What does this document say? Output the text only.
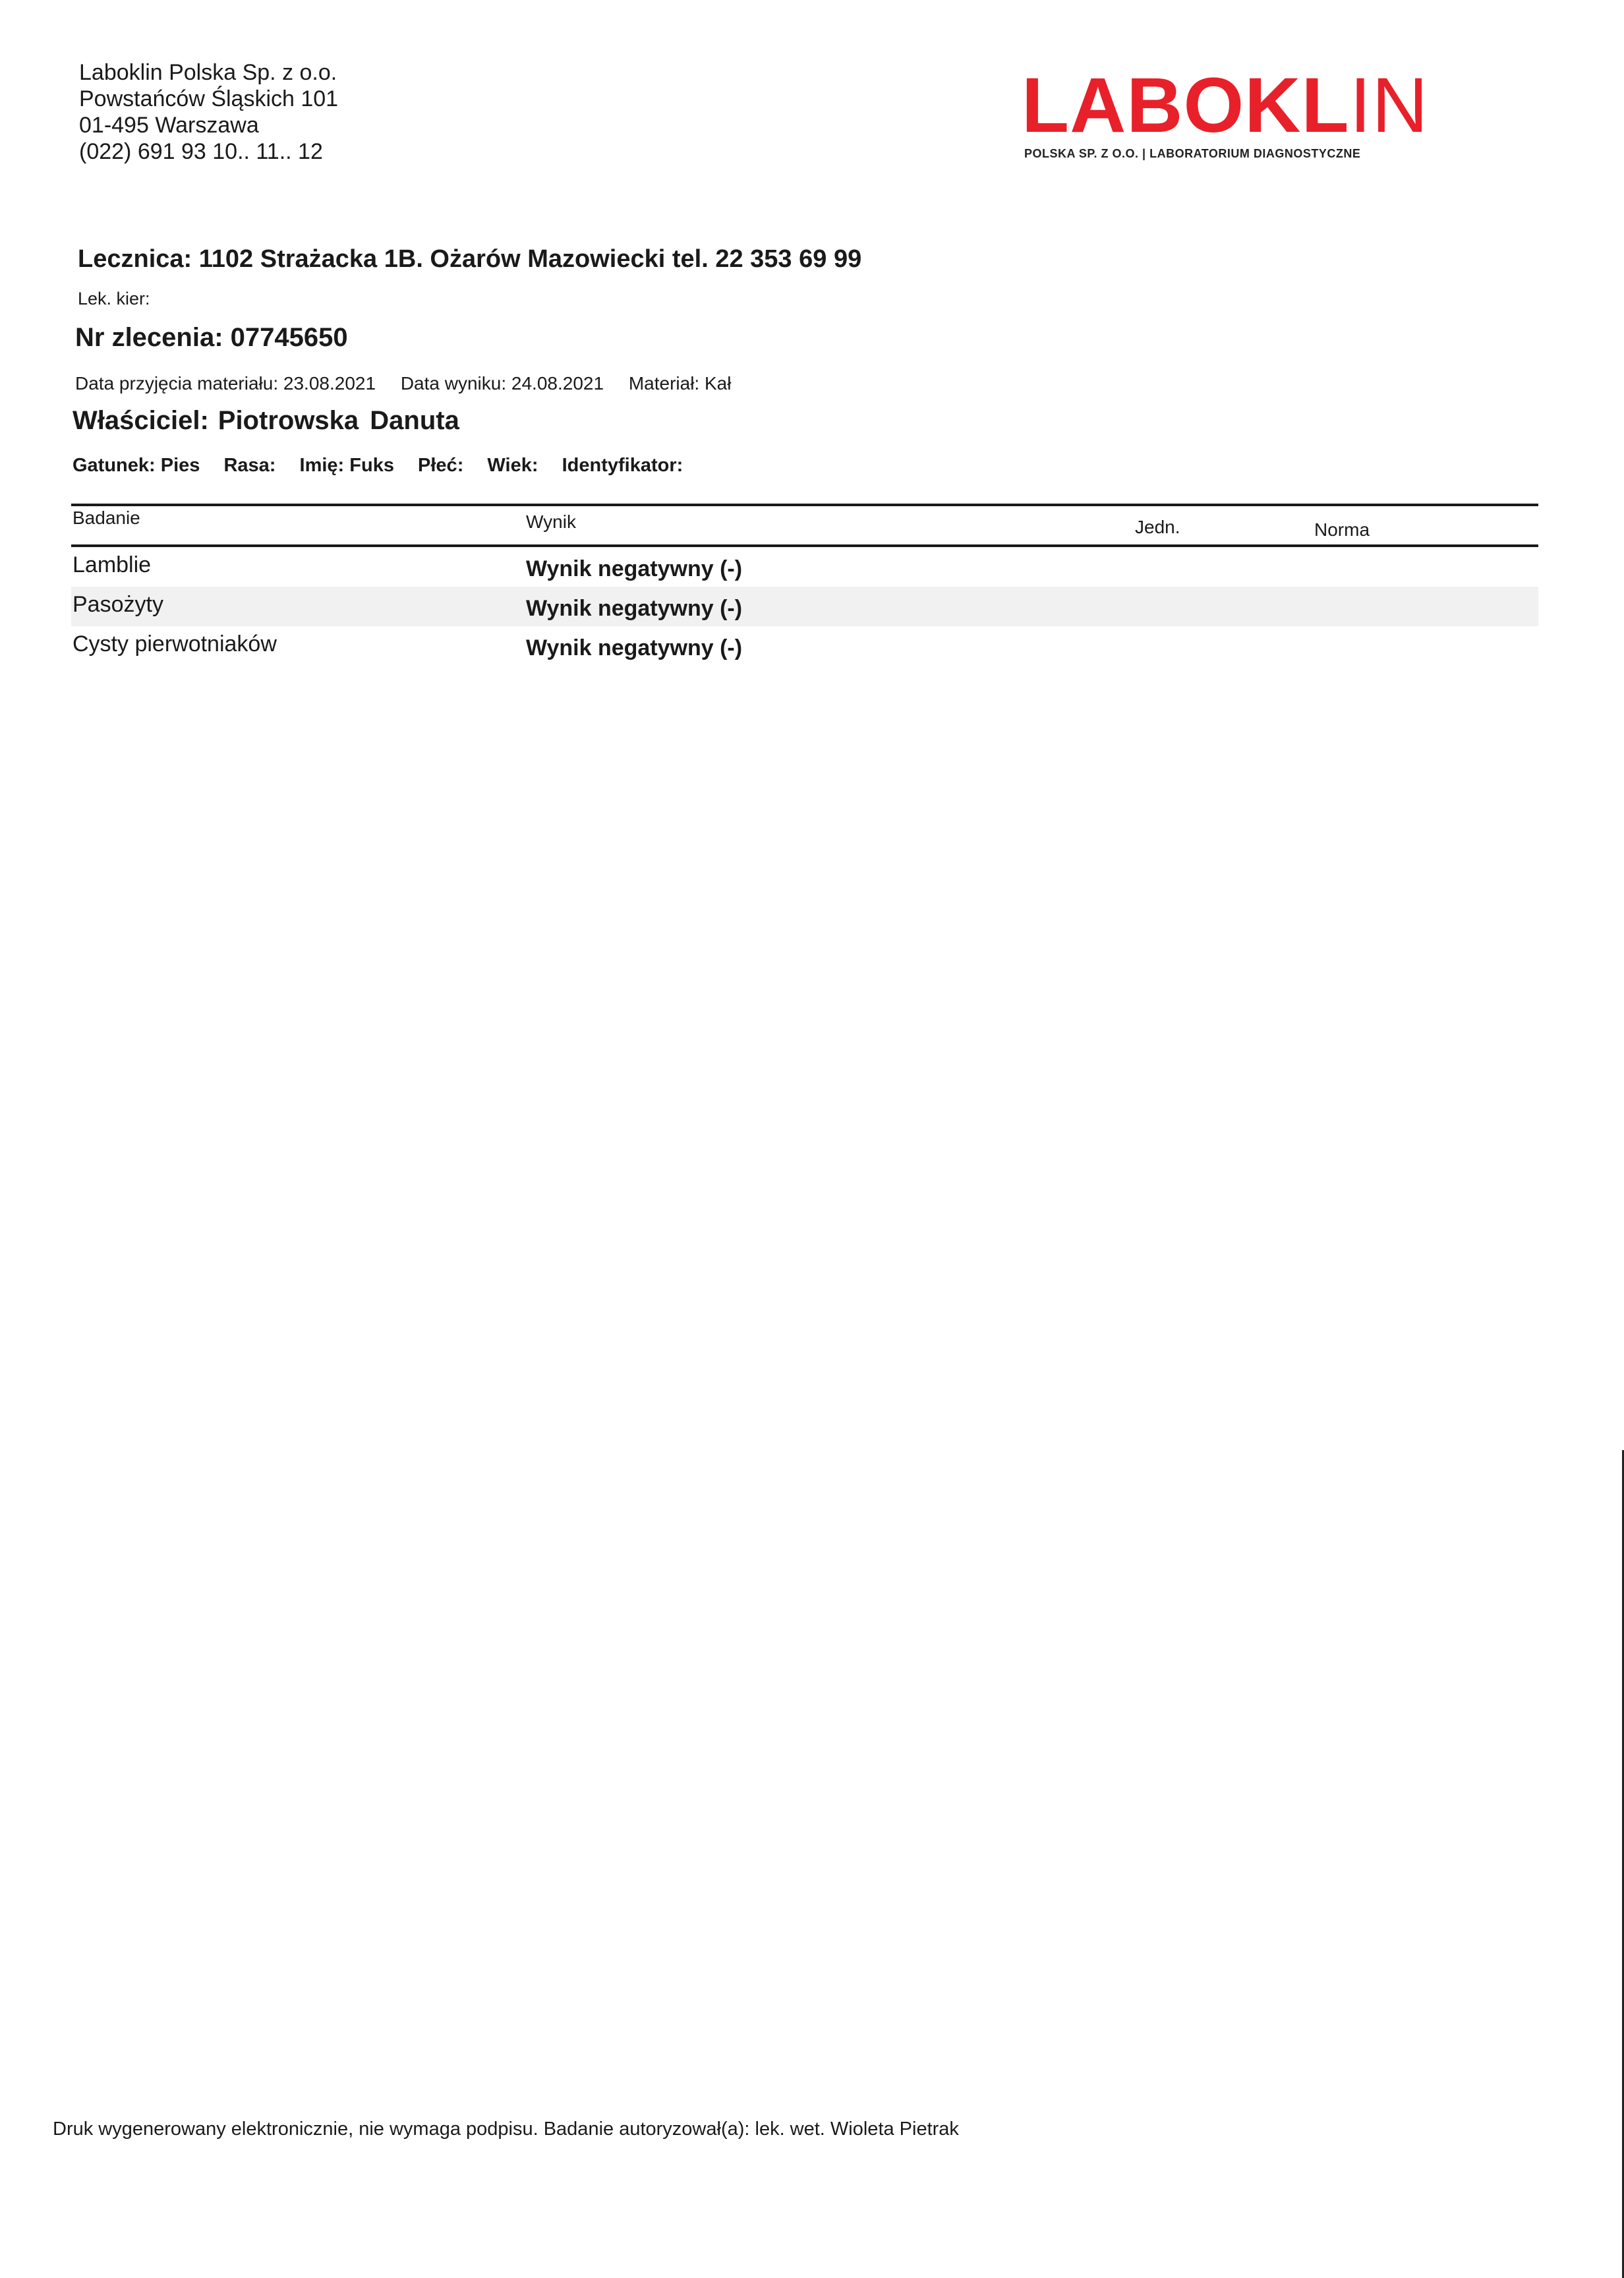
Laboklin Polska Sp. z o.o.
Powstańców Śląskich 101
01-495 Warszawa
(022) 691 93 10.. 11.. 12
LABOKLIN
POLSKA SP. Z O.O. | LABORATORIUM DIAGNOSTYCZNE
Lecznica: 1102 Strażacka 1B. Ożarów Mazowiecki tel. 22 353 69 99
Lek. kier:
Nr zlecenia: 07745650
Data przyjęcia materiału: 23.08.2021 Data wyniku: 24.08.2021 Materiał: Kał
Właściciel: Piotrowska Danuta
Gatunek: Pies Rasa: Imię: Fuks Płeć: Wiek: Identyfikator:
Badanie	Wynik	Jedn.	Norma
Lamblie	Wynik negatywny (-)
Pasożyty	Wynik negatywny (-)
Cysty pierwotniaków	Wynik negatywny (-)
Druk wygenerowany elektronicznie, nie wymaga podpisu. Badanie autoryzował(a): lek. wet. Wioleta Pietrak
